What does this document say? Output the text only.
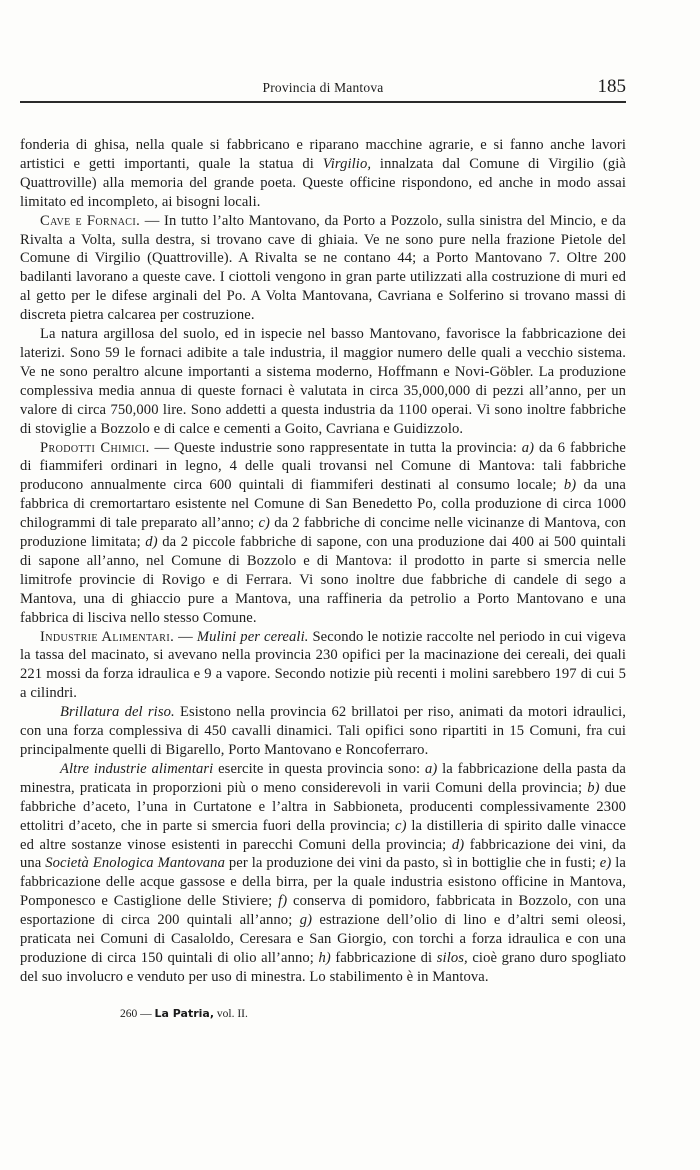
Provincia di Mantova	185

fonderia di ghisa, nella quale si fabbricano e riparano macchine agrarie, e si fanno anche lavori artistici e getti importanti, quale la statua di Virgilio, innalzata dal Comune di Virgilio (già Quattroville) alla memoria del grande poeta. Queste officine rispondono, ed anche in modo assai limitato ed incompleto, ai bisogni locali.

Cave e Fornaci. — In tutto l’alto Mantovano, da Porto a Pozzolo, sulla sinistra del Mincio, e da Rivalta a Volta, sulla destra, si trovano cave di ghiaia. Ve ne sono pure nella frazione Pietole del Comune di Virgilio (Quattroville). A Rivalta se ne contano 44; a Porto Mantovano 7. Oltre 200 badilanti lavorano a queste cave. I ciottoli vengono in gran parte utilizzati alla costruzione di muri ed al getto per le difese arginali del Po. A Volta Mantovana, Cavriana e Solferino si trovano massi di discreta pietra calcarea per costruzione.

La natura argillosa del suolo, ed in ispecie nel basso Mantovano, favorisce la fabbricazione dei laterizi. Sono 59 le fornaci adibite a tale industria, il maggior numero delle quali a vecchio sistema. Ve ne sono peraltro alcune importanti a sistema moderno, Hoffmann e Novi-Göbler. La produzione complessiva media annua di queste fornaci è valutata in circa 35,000,000 di pezzi all’anno, per un valore di circa 750,000 lire. Sono addetti a questa industria da 1100 operai. Vi sono inoltre fabbriche di stoviglie a Bozzolo e di calce e cementi a Goito, Cavriana e Guidizzolo.

Prodotti Chimici. — Queste industrie sono rappresentate in tutta la provincia: a) da 6 fabbriche di fiammiferi ordinari in legno, 4 delle quali trovansi nel Comune di Mantova: tali fabbriche producono annualmente circa 600 quintali di fiammiferi destinati al consumo locale; b) da una fabbrica di cremortartaro esistente nel Comune di San Benedetto Po, colla produzione di circa 1000 chilogrammi di tale preparato all’anno; c) da 2 fabbriche di concime nelle vicinanze di Mantova, con produzione limitata; d) da 2 piccole fabbriche di sapone, con una produzione dai 400 ai 500 quintali di sapone all’anno, nel Comune di Bozzolo e di Mantova: il prodotto in parte si smercia nelle limitrofe provincie di Rovigo e di Ferrara. Vi sono inoltre due fabbriche di candele di sego a Mantova, una di ghiaccio pure a Mantova, una raffineria da petrolio a Porto Mantovano e una fabbrica di lisciva nello stesso Comune.

Industrie Alimentari. — Mulini per cereali. Secondo le notizie raccolte nel periodo in cui vigeva la tassa del macinato, si avevano nella provincia 230 opifici per la macinazione dei cereali, dei quali 221 mossi da forza idraulica e 9 a vapore. Secondo notizie più recenti i molini sarebbero 197 di cui 5 a cilindri.

Brillatura del riso. Esistono nella provincia 62 brillatoi per riso, animati da motori idraulici, con una forza complessiva di 450 cavalli dinamici. Tali opifici sono ripartiti in 15 Comuni, fra cui principalmente quelli di Bigarello, Porto Mantovano e Roncoferraro.

Altre industrie alimentari esercite in questa provincia sono: a) la fabbricazione della pasta da minestra, praticata in proporzioni più o meno considerevoli in varii Comuni della provincia; b) due fabbriche d’aceto, l’una in Curtatone e l’altra in Sabbioneta, producenti complessivamente 2300 ettolitri d’aceto, che in parte si smercia fuori della provincia; c) la distilleria di spirito dalle vinacce ed altre sostanze vinose esistenti in parecchi Comuni della provincia; d) fabbricazione dei vini, da una Società Enologica Mantovana per la produzione dei vini da pasto, sì in bottiglie che in fusti; e) la fabbricazione delle acque gassose e della birra, per la quale industria esistono officine in Mantova, Pomponesco e Castiglione delle Stiviere; f) conserva di pomidoro, fabbricata in Bozzolo, con una esportazione di circa 200 quintali all’anno; g) estrazione dell’olio di lino e d’altri semi oleosi, praticata nei Comuni di Casaloldo, Ceresara e San Giorgio, con torchi a forza idraulica e con una produzione di circa 150 quintali di olio all’anno; h) fabbricazione di silos, cioè grano duro spogliato del suo involucro e venduto per uso di minestra. Lo stabilimento è in Mantova.

260 — La Patria, vol. II.
